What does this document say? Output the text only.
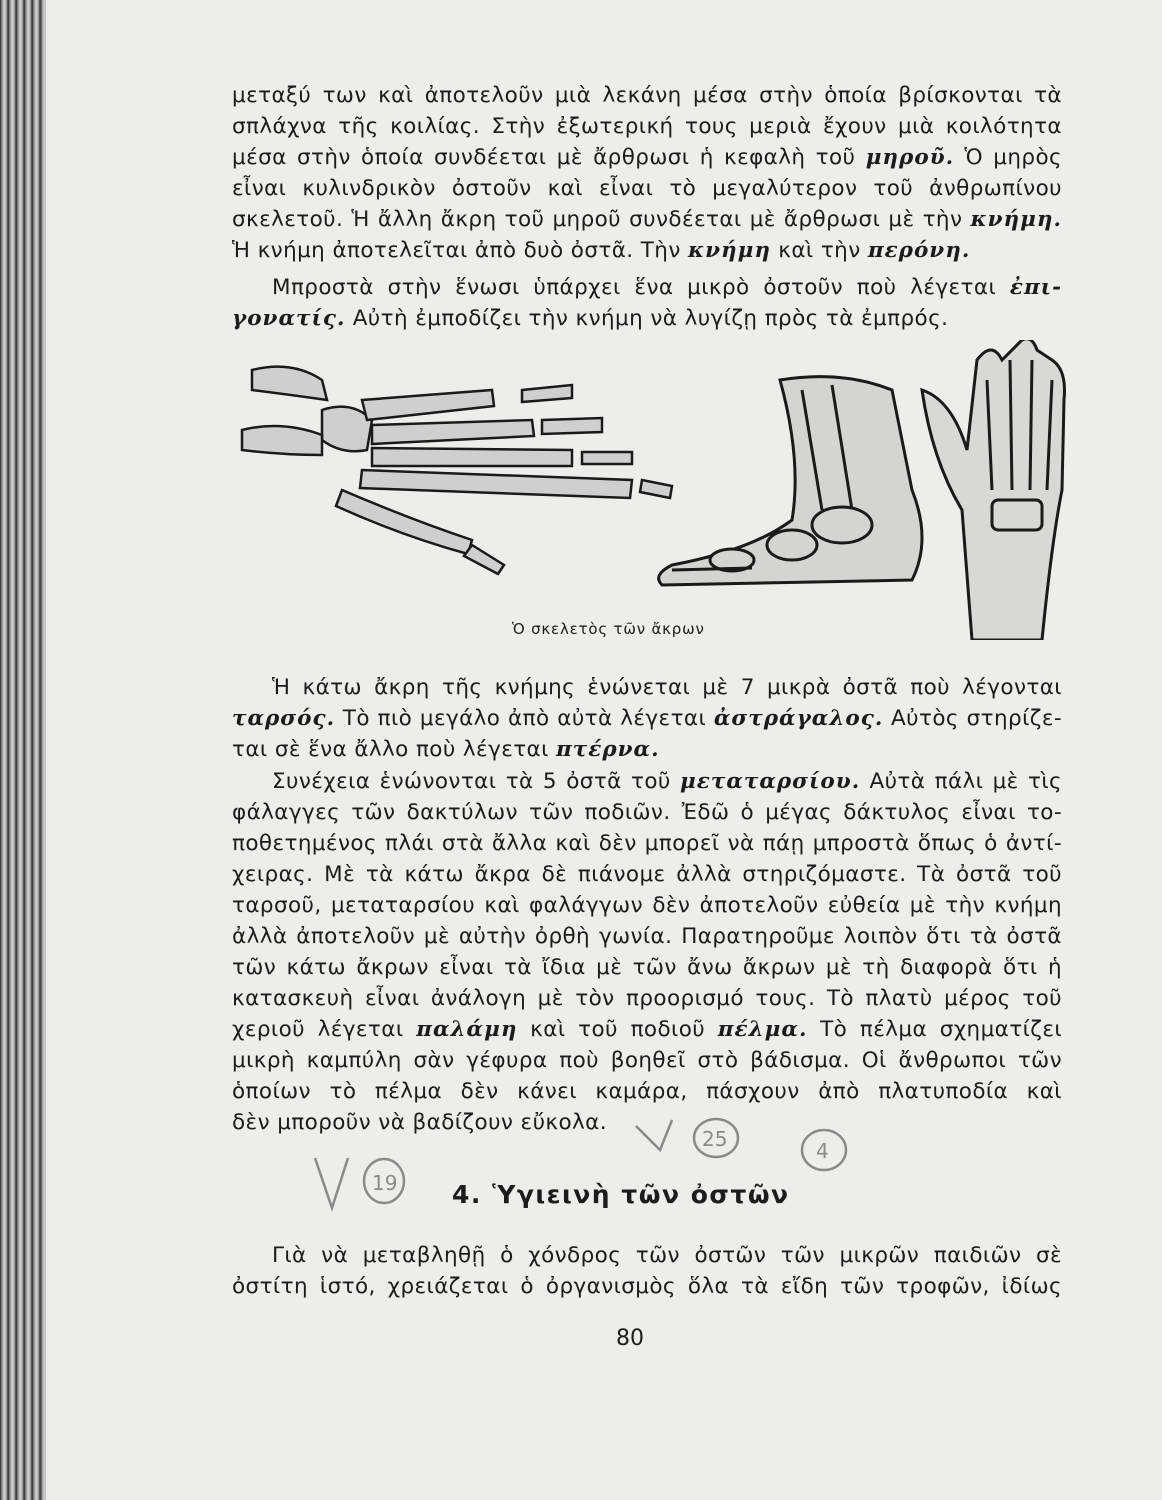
μεταξύ των καὶ ἀποτελοῦν μιὰ λεκάνη μέσα στὴν ὁποία βρίσκονται τὰ
σπλάχνα τῆς κοιλίας. Στὴν ἐξωτερική τους μεριὰ ἔχουν μιὰ κοιλότητα
μέσα στὴν ὁποία συνδέεται μὲ ἄρθρωσι ἡ κεφαλὴ τοῦ μηροῦ. Ὁ μηρὸς
εἶναι κυλινδρικὸν ὀστοῦν καὶ εἶναι τὸ μεγαλύτερον τοῦ ἀνθρωπίνου
σκελετοῦ. Ἡ ἄλλη ἄκρη τοῦ μηροῦ συνδέεται μὲ ἄρθρωσι μὲ τὴν κνήμη.
Ἡ κνήμη ἀποτελεῖται ἀπὸ δυὸ ὀστᾶ. Τὴν κνήμη καὶ τὴν περόνη.
Μπροστὰ στὴν ἕνωσι ὑπάρχει ἕνα μικρὸ ὀστοῦν ποὺ λέγεται ἐπι-
γονατίς. Αὐτὴ ἐμποδίζει τὴν κνήμη νὰ λυγίζῃ πρὸς τὰ ἐμπρός.
Ὁ σκελετὸς τῶν ἄκρων
Ἡ κάτω ἄκρη τῆς κνήμης ἑνώνεται μὲ 7 μικρὰ ὀστᾶ ποὺ λέγονται
ταρσός. Τὸ πιὸ μεγάλο ἀπὸ αὐτὰ λέγεται ἀστράγαλος. Αὐτὸς στηρίζε-
ται σὲ ἕνα ἄλλο ποὺ λέγεται πτέρνα.
Συνέχεια ἑνώνονται τὰ 5 ὀστᾶ τοῦ μεταταρσίου. Αὐτὰ πάλι μὲ τὶς
φάλαγγες τῶν δακτύλων τῶν ποδιῶν. Ἐδῶ ὁ μέγας δάκτυλος εἶναι το-
ποθετημένος πλάι στὰ ἄλλα καὶ δὲν μπορεῖ νὰ πάῃ μπροστὰ ὅπως ὁ ἀντί-
χειρας. Μὲ τὰ κάτω ἄκρα δὲ πιάνομε ἀλλὰ στηριζόμαστε. Τὰ ὀστᾶ τοῦ
ταρσοῦ, μεταταρσίου καὶ φαλάγγων δὲν ἀποτελοῦν εὐθεία μὲ τὴν κνήμη
ἀλλὰ ἀποτελοῦν μὲ αὐτὴν ὀρθὴ γωνία. Παρατηροῦμε λοιπὸν ὅτι τὰ ὀστᾶ
τῶν κάτω ἄκρων εἶναι τὰ ἴδια μὲ τῶν ἄνω ἄκρων μὲ τὴ διαφορὰ ὅτι ἡ
κατασκευὴ εἶναι ἀνάλογη μὲ τὸν προορισμό τους. Τὸ πλατὺ μέρος τοῦ
χεριοῦ λέγεται παλάμη καὶ τοῦ ποδιοῦ πέλμα. Τὸ πέλμα σχηματίζει
μικρὴ καμπύλη σὰν γέφυρα ποὺ βοηθεῖ στὸ βάδισμα. Οἱ ἄνθρωποι τῶν
ὁποίων τὸ πέλμα δὲν κάνει καμάρα, πάσχουν ἀπὸ πλατυποδία καὶ
δὲν μποροῦν νὰ βαδίζουν εὔκολα.
19
25	4
4. Ὑγιεινὴ τῶν ὀστῶν
Γιὰ νὰ μεταβληθῇ ὁ χόνδρος τῶν ὀστῶν τῶν μικρῶν παιδιῶν σὲ
ὀστίτη ἱστό, χρειάζεται ὁ ὀργανισμὸς ὅλα τὰ εἴδη τῶν τροφῶν, ἰδίως
80
